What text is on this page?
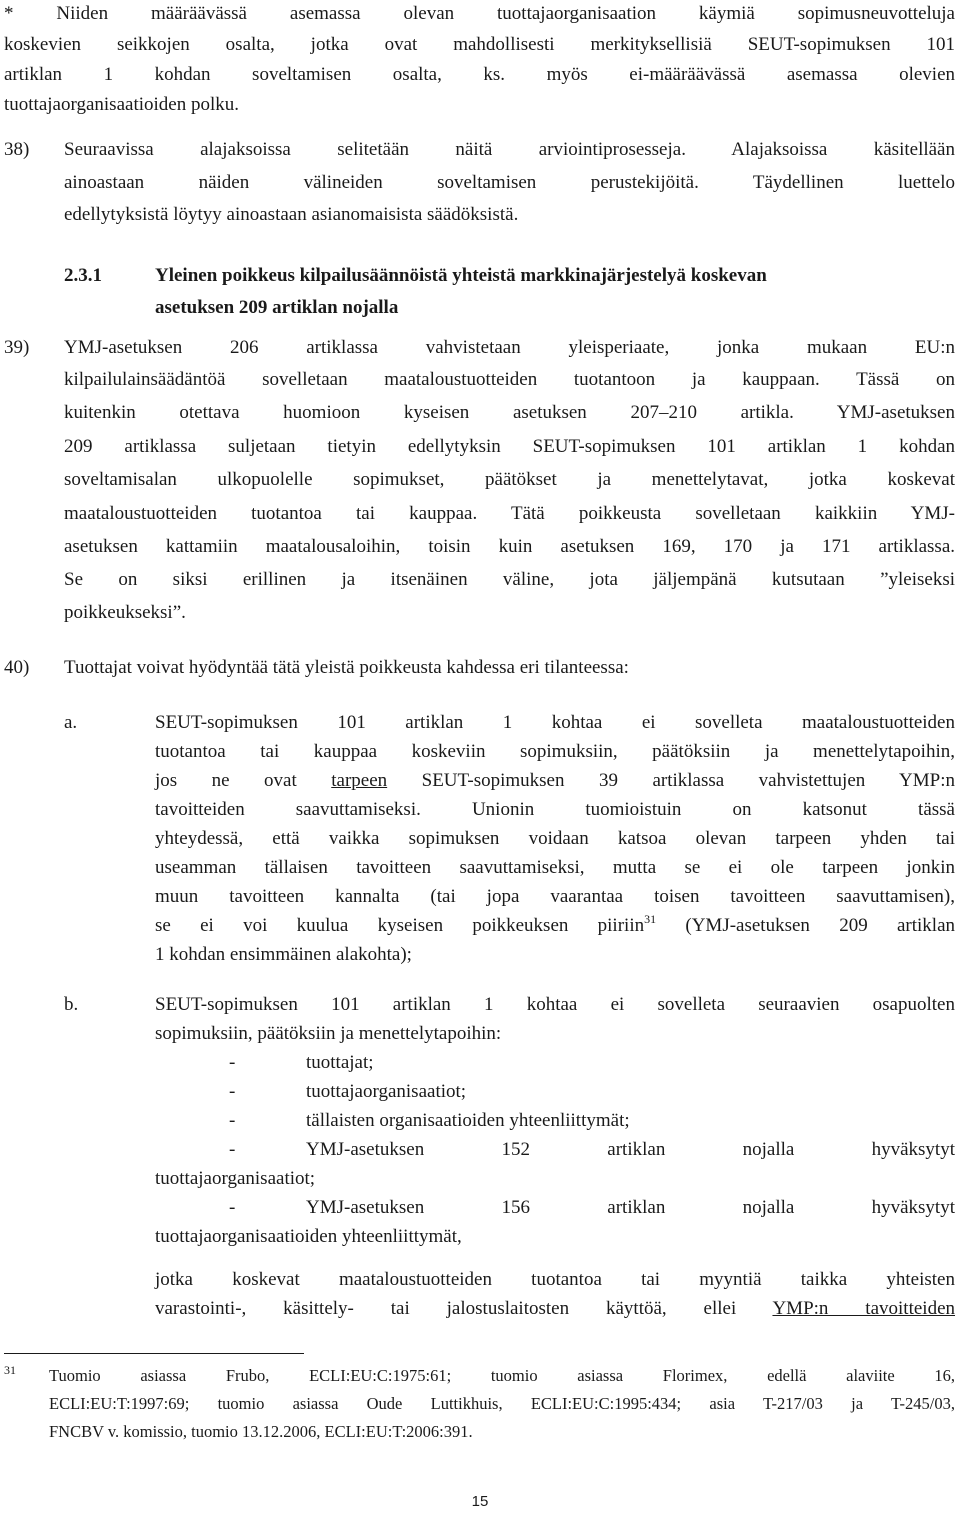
* Niiden määräävässä asemassa olevan tuottajaorganisaation käymiä sopimusneuvotteluja
koskevien seikkojen osalta, jotka ovat mahdollisesti merkityksellisiä SEUT-sopimuksen 101
artiklan 1 kohdan soveltamisen osalta, ks. myös ei-määräävässä asemassa olevien
tuottajaorganisaatioiden polku.
38) Seuraavissa alajaksoissa selitetään näitä arviointiprosesseja. Alajaksoissa käsitellään
ainoastaan näiden välineiden soveltamisen perustekijöitä. Täydellinen luettelo
edellytyksistä löytyy ainoastaan asianomaisista säädöksistä.
2.3.1	Yleinen poikkeus kilpailusäännöistä yhteistä markkinajärjestelyä koskevan
asetuksen 209 artiklan nojalla
39) YMJ-asetuksen 206 artiklassa vahvistetaan yleisperiaate, jonka mukaan EU:n
kilpailulainsäädäntöä sovelletaan maataloustuotteiden tuotantoon ja kauppaan. Tässä on
kuitenkin otettava huomioon kyseisen asetuksen 207–210 artikla. YMJ-asetuksen
209 artiklassa suljetaan tietyin edellytyksin SEUT-sopimuksen 101 artiklan 1 kohdan
soveltamisalan ulkopuolelle sopimukset, päätökset ja menettelytavat, jotka koskevat
maataloustuotteiden tuotantoa tai kauppaa. Tätä poikkeusta sovelletaan kaikkiin YMJ-
asetuksen kattamiin maatalousaloihin, toisin kuin asetuksen 169, 170 ja 171 artiklassa.
Se on siksi erillinen ja itsenäinen väline, jota jäljempänä kutsutaan ”yleiseksi
poikkeukseksi”.
40) Tuottajat voivat hyödyntää tätä yleistä poikkeusta kahdessa eri tilanteessa:
a.	SEUT-sopimuksen 101 artiklan 1 kohtaa ei sovelleta maataloustuotteiden
tuotantoa tai kauppaa koskeviin sopimuksiin, päätöksiin ja menettelytapoihin,
jos ne ovat tarpeen SEUT-sopimuksen 39 artiklassa vahvistettujen YMP:n
tavoitteiden saavuttamiseksi. Unionin tuomioistuin on katsonut tässä
yhteydessä, että vaikka sopimuksen voidaan katsoa olevan tarpeen yhden tai
useamman tällaisen tavoitteen saavuttamiseksi, mutta se ei ole tarpeen jonkin
muun tavoitteen kannalta (tai jopa vaarantaa toisen tavoitteen saavuttamisen),
se ei voi kuulua kyseisen poikkeuksen piiriin$^{31}$ (YMJ-asetuksen 209 artiklan
1 kohdan ensimmäinen alakohta);
b.	SEUT-sopimuksen 101 artiklan 1 kohtaa ei sovelleta seuraavien osapuolten
sopimuksiin, päätöksiin ja menettelytapoihin:
-	tuottajat;
-	tuottajaorganisaatiot;
-	tällaisten organisaatioiden yhteenliittymät;
-	YMJ-asetuksen 152 artiklan nojalla hyväksytyt
tuottajaorganisaatiot;
-	YMJ-asetuksen 156 artiklan nojalla hyväksytyt
tuottajaorganisaatioiden yhteenliittymät,
jotka koskevat maataloustuotteiden tuotantoa tai myyntiä taikka yhteisten
varastointi-, käsittely- tai jalostuslaitosten käyttöä, ellei YMP:n tavoitteiden
31 Tuomio asiassa Frubo, ECLI:EU:C:1975:61; tuomio asiassa Florimex, edellä alaviite 16,
ECLI:EU:T:1997:69; tuomio asiassa Oude Luttikhuis, ECLI:EU:C:1995:434; asia T-217/03 ja T-245/03,
FNCBV v. komissio, tuomio 13.12.2006, ECLI:EU:T:2006:391.
15
